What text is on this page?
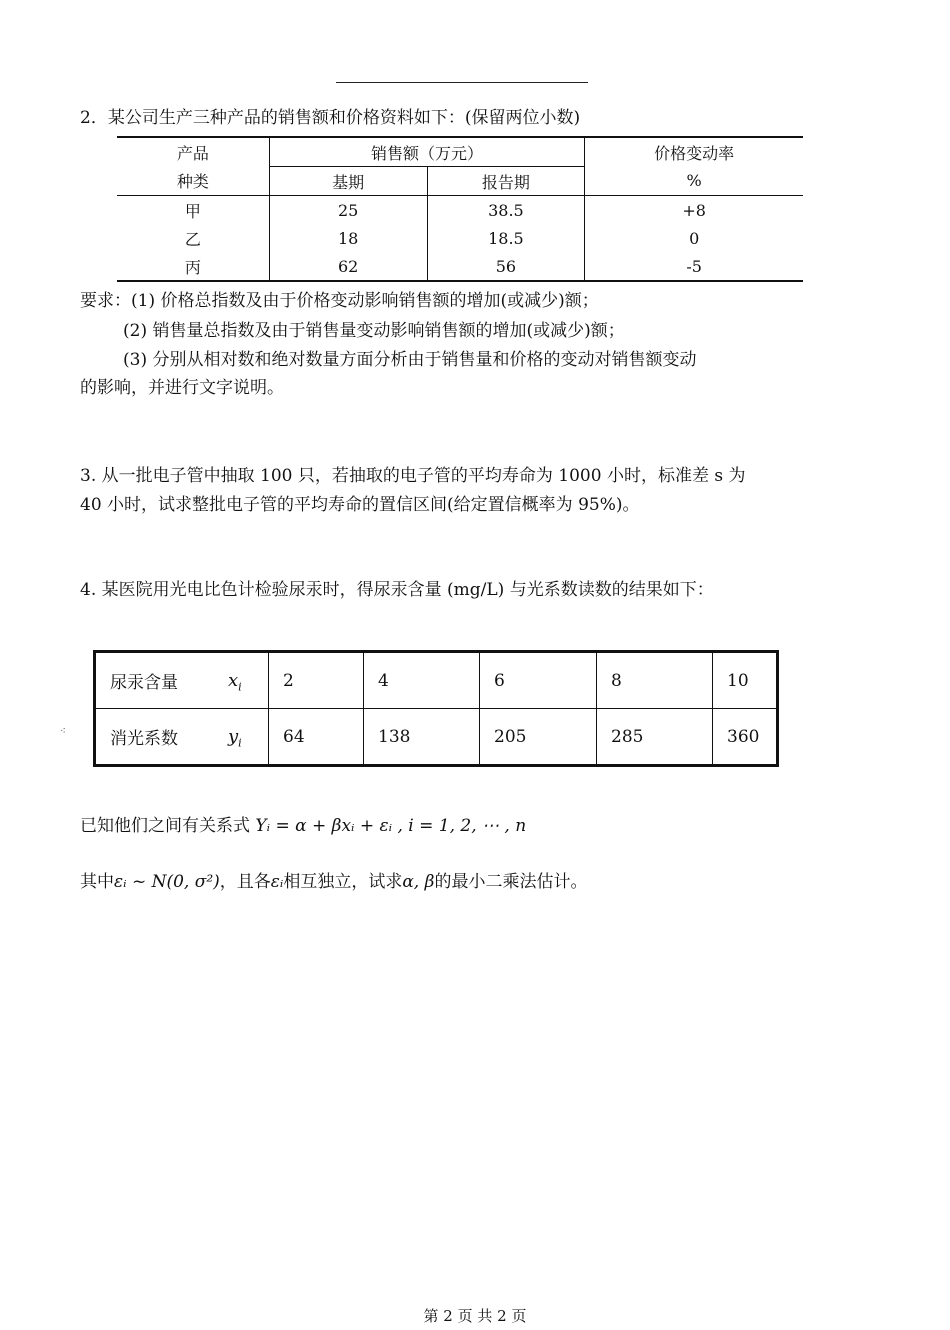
⁖
2．某公司生产三种产品的销售额和价格资料如下：(保留两位小数)
产品	销售额（万元）		价格变动率
种类	基期	报告期	%
甲	25	38.5	+8
乙	18	18.5	0
丙	62	56	-5
要求：(1) 价格总指数及由于价格变动影响销售额的增加(或减少)额；
(2) 销售量总指数及由于销售量变动影响销售额的增加(或减少)额；
(3) 分别从相对数和绝对数量方面分析由于销售量和价格的变动对销售额变动
的影响，并进行文字说明。
3. 从一批电子管中抽取 100 只，若抽取的电子管的平均寿命为 1000 小时，标准差 s 为
40 小时，试求整批电子管的平均寿命的置信区间(给定置信概率为 95%)。
4. 某医院用光电比色计检验尿汞时，得尿汞含量 (mg/L) 与光系数读数的结果如下：
尿汞含量 $x_i$	2	4	6	8	10
消光系数 $y_i$	64	138	205	285	360
已知他们之间有关系式 Yᵢ = α + βxᵢ + εᵢ , i = 1, 2, ⋯ , n
其中εᵢ ~ N(0, σ²)，且各εᵢ相互独立，试求α, β的最小二乘法估计。
第 2 页 共 2 页
